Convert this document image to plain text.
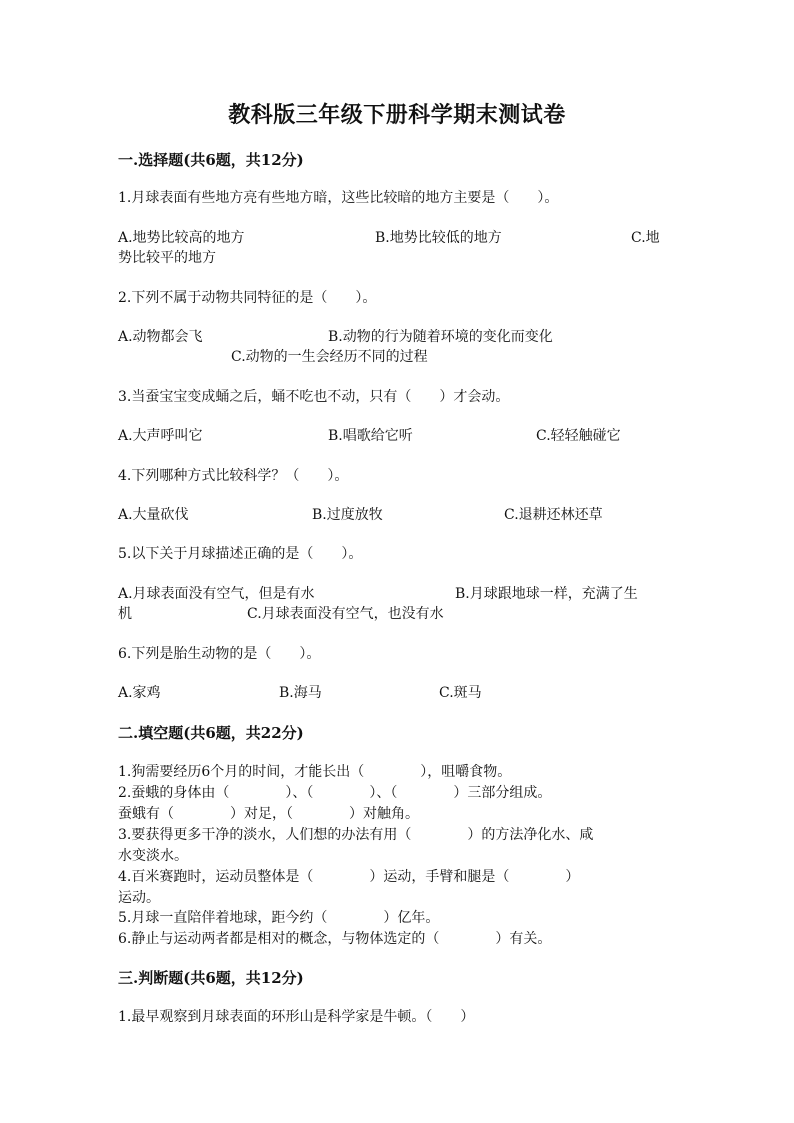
教科版三年级下册科学期末测试卷
一.选择题(共6题，共12分)
1.月球表面有些地方亮有些地方暗，这些比较暗的地方主要是（　　）。
A.地势比较高的地方	B.地势比较低的地方	C.地
势比较平的地方
2.下列不属于动物共同特征的是（　　）。
A.动物都会飞	B.动物的行为随着环境的变化而变化
C.动物的一生会经历不同的过程
3.当蚕宝宝变成蛹之后，蛹不吃也不动，只有（　　）才会动。
A.大声呼叫它	B.唱歌给它听	C.轻轻触碰它
4.下列哪种方式比较科学？（　　）。
A.大量砍伐	B.过度放牧	C.退耕还林还草
5.以下关于月球描述正确的是（　　）。
A.月球表面没有空气，但是有水	B.月球跟地球一样，充满了生
机	C.月球表面没有空气，也没有水
6.下列是胎生动物的是（　　）。
A.家鸡	B.海马	C.斑马
二.填空题(共6题，共22分)
1.狗需要经历6个月的时间，才能长出（　　　　），咀嚼食物。
2.蚕蛾的身体由（　　　　）、（　　　　）、（　　　　）三部分组成。
蚕蛾有（　　　　）对足，（　　　　）对触角。
3.要获得更多干净的淡水，人们想的办法有用（　　　　）的方法净化水、咸
水变淡水。
4.百米赛跑时，运动员整体是（　　　　）运动，手臂和腿是（　　　　）
运动。
5.月球一直陪伴着地球，距今约（　　　　）亿年。
6.静止与运动两者都是相对的概念，与物体选定的（　　　　）有关。
三.判断题(共6题，共12分)
1.最早观察到月球表面的环形山是科学家是牛顿。（　　）
